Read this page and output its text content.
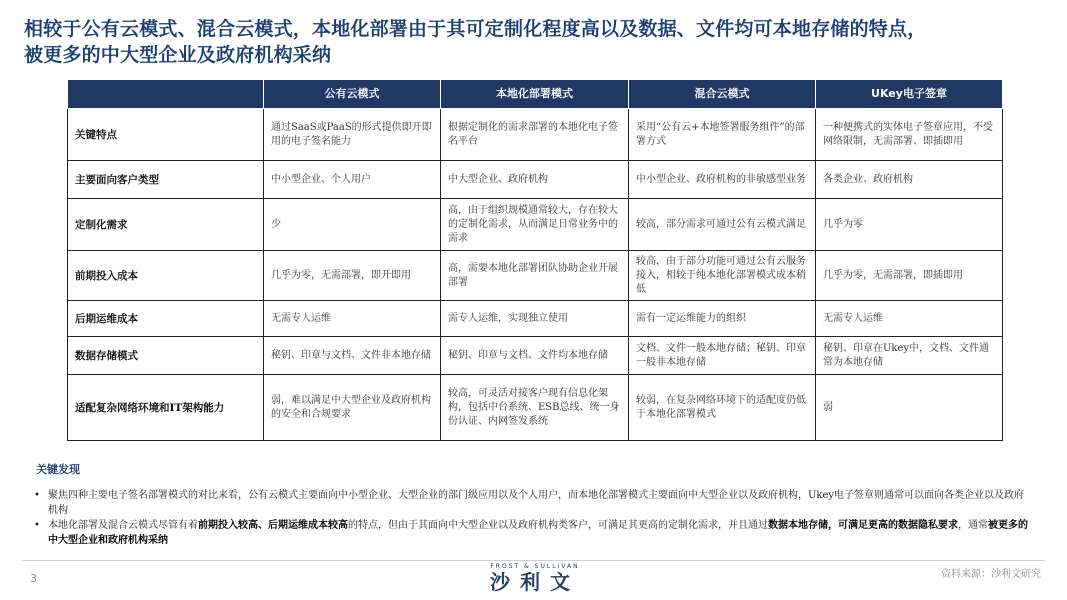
相较于公有云模式、混合云模式，本地化部署由于其可定制化程度高以及数据、文件均可本地存储的特点，
被更多的中大型企业及政府机构采纳
	公有云模式	本地化部署模式	混合云模式	UKey电子签章
关键特点	通过SaaS或PaaS的形式提供即开即用的电子签名能力	根据定制化的需求部署的本地化电子签名平台	采用“公有云+本地签署服务组件”的部署方式	一种便携式的实体电子签章应用，不受网络限制，无需部署、即插即用
主要面向客户类型	中小型企业、个人用户	中大型企业、政府机构	中小型企业、政府机构的非敏感型业务	各类企业、政府机构
定制化需求	少	高，由于组织规模通常较大，存在较大的定制化需求，从而满足日常业务中的需求	较高，部分需求可通过公有云模式满足	几乎为零
前期投入成本	几乎为零，无需部署，即开即用	高，需要本地化部署团队协助企业开展部署	较高，由于部分功能可通过公有云服务接入，相较于纯本地化部署模式成本稍低	几乎为零，无需部署，即插即用
后期运维成本	无需专人运维	需专人运维，实现独立使用	需有一定运维能力的组织	无需专人运维
数据存储模式	秘钥、印章与文档、文件非本地存储	秘钥、印章与文档、文件均本地存储	文档、文件一般本地存储；秘钥、印章一般非本地存储	秘钥、印章在Ukey中，文档、文件通常为本地存储
适配复杂网络环境和IT架构能力	弱，难以满足中大型企业及政府机构的安全和合规要求	较高，可灵活对接客户现有信息化架构，包括中台系统、ESB总线、统一身份认证、内网签发系统	较弱，在复杂网络环境下的适配度仍低于本地化部署模式	弱
关键发现
• 聚焦四种主要电子签名部署模式的对比来看，公有云模式主要面向中小型企业、大型企业的部门级应用以及个人用户，而本地化部署模式主要面向中大型企业以及政府机构，Ukey电子签章则通常可以面向各类企业以及政府机构
• 本地化部署及混合云模式尽管有着前期投入较高、后期运维成本较高的特点，但由于其面向中大型企业以及政府机构类客户，可满足其更高的定制化需求，并且通过数据本地存储，可满足更高的数据隐私要求，通常被更多的中大型企业和政府机构采纳
3
FROST & SULLIVAN
沙利文	资料来源：沙利文研究
